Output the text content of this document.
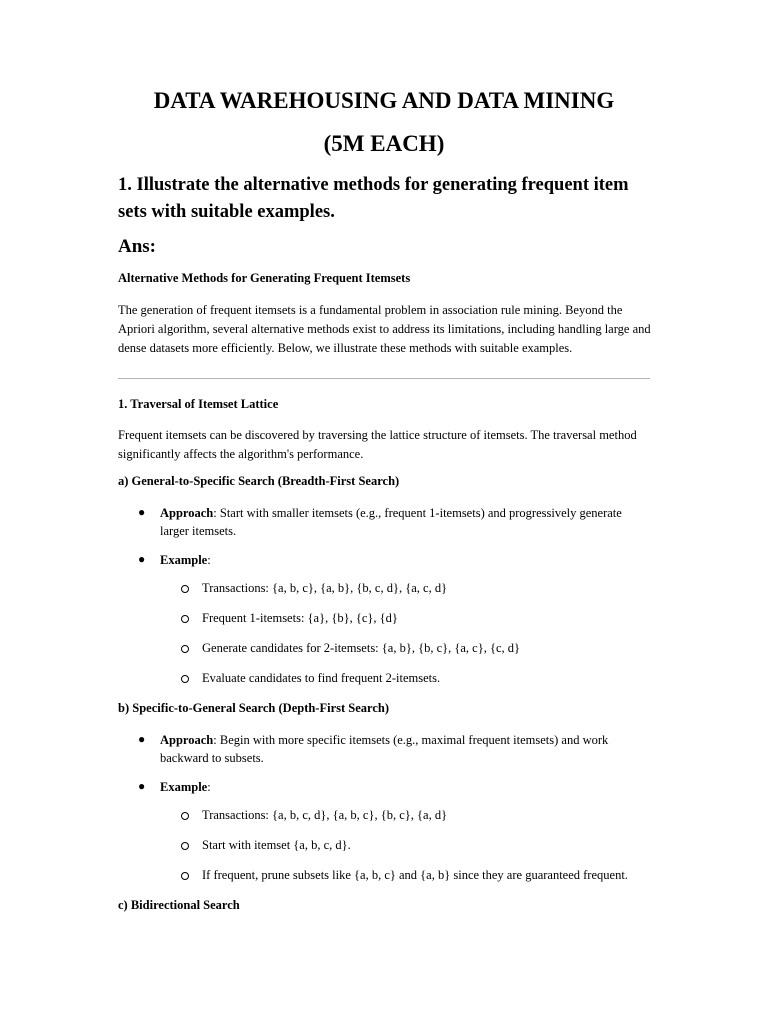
DATA WAREHOUSING AND DATA MINING
(5M EACH)
1. Illustrate the alternative methods for generating frequent item sets with suitable examples.
Ans:
Alternative Methods for Generating Frequent Itemsets
The generation of frequent itemsets is a fundamental problem in association rule mining. Beyond the Apriori algorithm, several alternative methods exist to address its limitations, including handling large and dense datasets more efficiently. Below, we illustrate these methods with suitable examples.
1. Traversal of Itemset Lattice
Frequent itemsets can be discovered by traversing the lattice structure of itemsets. The traversal method significantly affects the algorithm's performance.
a) General-to-Specific Search (Breadth-First Search)
● Approach: Start with smaller itemsets (e.g., frequent 1-itemsets) and progressively generate larger itemsets.
● Example:
Transactions: {a, b, c}, {a, b}, {b, c, d}, {a, c, d}
Frequent 1-itemsets: {a}, {b}, {c}, {d}
Generate candidates for 2-itemsets: {a, b}, {b, c}, {a, c}, {c, d}
Evaluate candidates to find frequent 2-itemsets.
b) Specific-to-General Search (Depth-First Search)
● Approach: Begin with more specific itemsets (e.g., maximal frequent itemsets) and work backward to subsets.
● Example:
Transactions: {a, b, c, d}, {a, b, c}, {b, c}, {a, d}
Start with itemset {a, b, c, d}.
If frequent, prune subsets like {a, b, c} and {a, b} since they are guaranteed frequent.
c) Bidirectional Search
